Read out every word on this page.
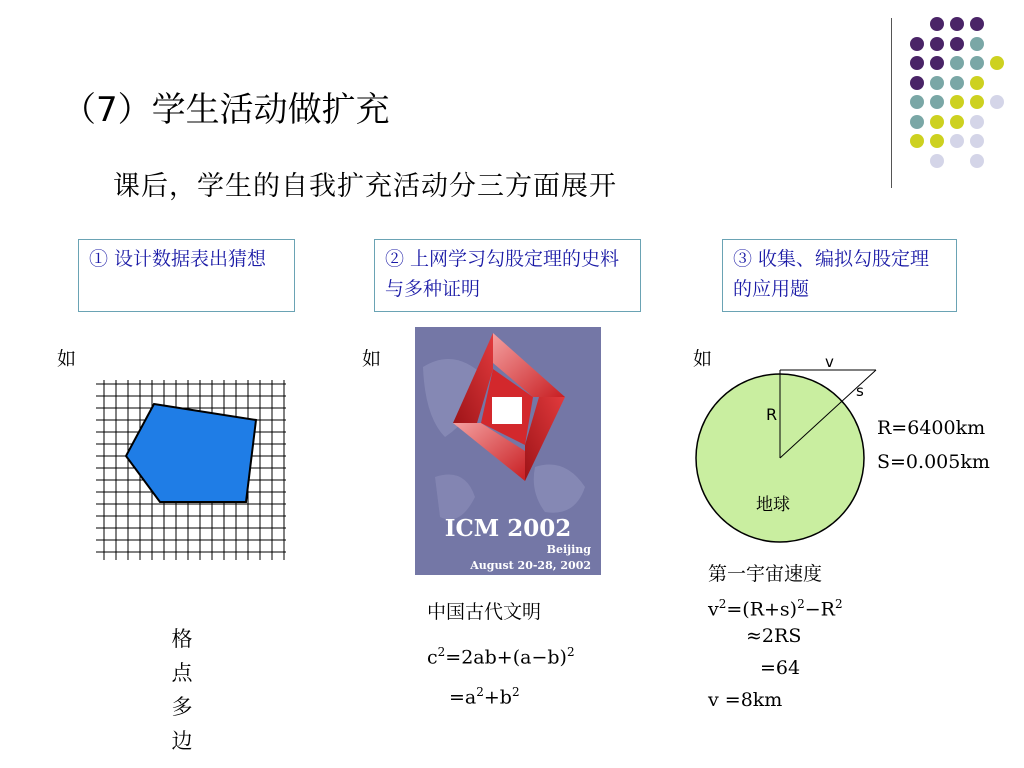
（7）学生活动做扩充
课后，学生的自我扩充活动分三方面展开
① 设计数据表出猜想	② 上网学习勾股定理的史料与多种证明
③ 收集、编拟勾股定理的应用题
如	如	如
格
点
多
边
ICM 2002
Beijing
August 20-28, 2002
中国古代文明
$c^2=2ab+(a-b)^2$
$=a^2+b^2$
v
s
R
地球
R=6400km
S=0.005km
第一宇宙速度
$v^2=(R+s)^2-R^2$
≈2RS
=64
v =8km
